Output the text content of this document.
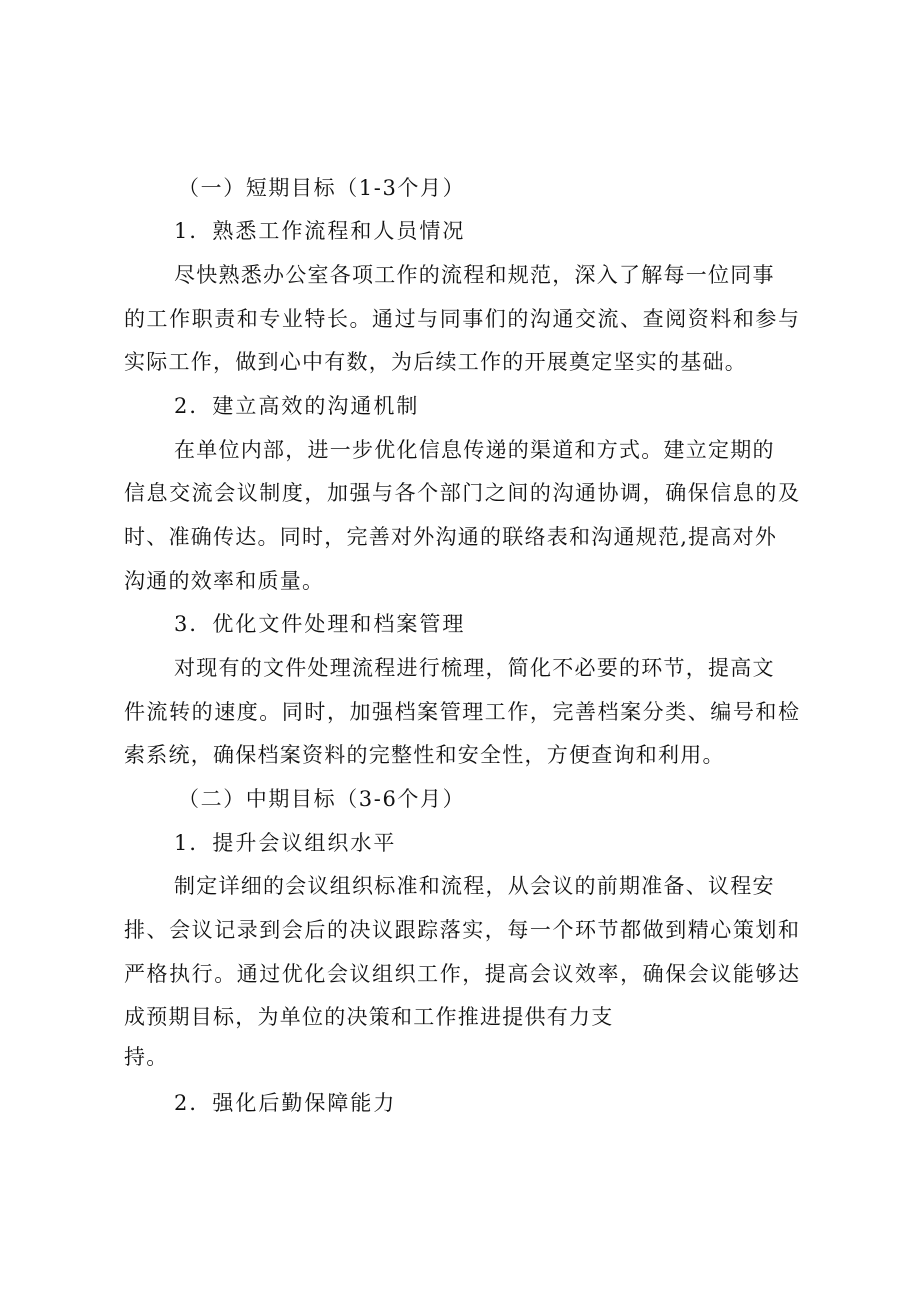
（一）短期目标（1-3个月）
1．熟悉工作流程和人员情况
尽快熟悉办公室各项工作的流程和规范，深入了解每一位同事
的工作职责和专业特长。通过与同事们的沟通交流、查阅资料和参与
实际工作，做到心中有数，为后续工作的开展奠定坚实的基础。
2．建立高效的沟通机制
在单位内部，进一步优化信息传递的渠道和方式。建立定期的
信息交流会议制度，加强与各个部门之间的沟通协调，确保信息的及
时、准确传达。同时，完善对外沟通的联络表和沟通规范,提高对外
沟通的效率和质量。
3．优化文件处理和档案管理
对现有的文件处理流程进行梳理，简化不必要的环节，提高文
件流转的速度。同时，加强档案管理工作，完善档案分类、编号和检
索系统，确保档案资料的完整性和安全性，方便查询和利用。
（二）中期目标（3-6个月）
1．提升会议组织水平
制定详细的会议组织标准和流程，从会议的前期准备、议程安
排、会议记录到会后的决议跟踪落实，每一个环节都做到精心策划和
严格执行。通过优化会议组织工作，提高会议效率，确保会议能够达
成预期目标，为单位的决策和工作推进提供有力支
持。
2．强化后勤保障能力
